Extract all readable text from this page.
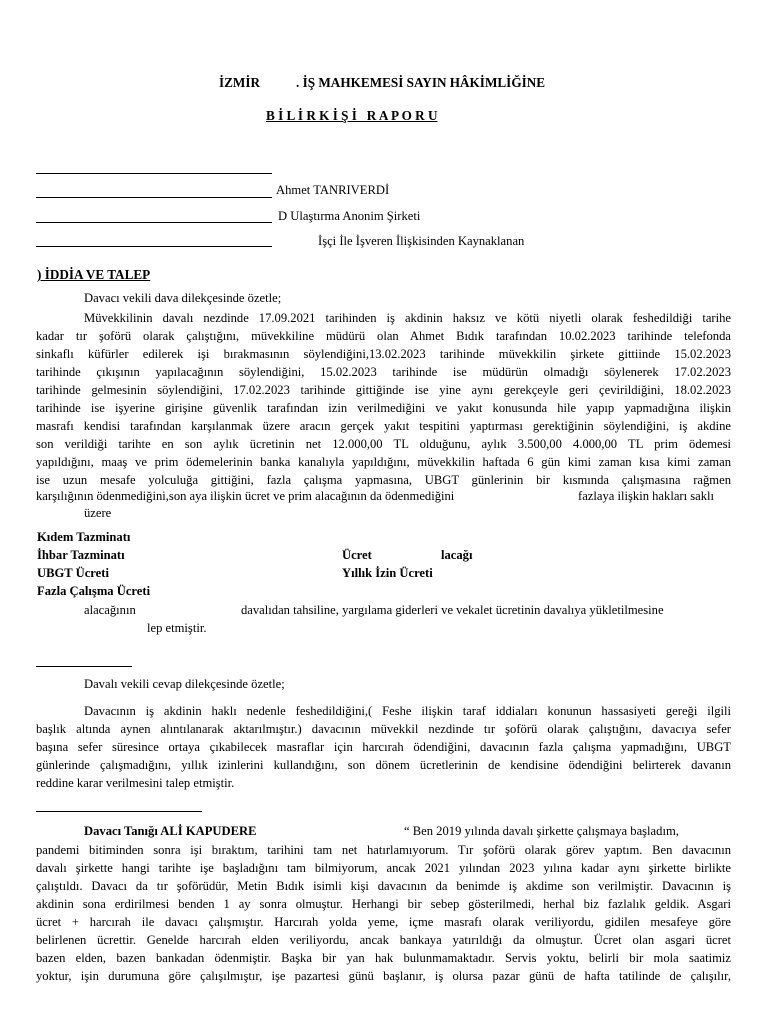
İZMİR	. İŞ MAHKEMESİ SAYIN HÂKİMLİĞİNE
B İ L İ R K İ Ş İ   R A P O R U
Ahmet TANRIVERDİ
D Ulaştırma Anonim Şirketi
İşçi İle İşveren İlişkisinden Kaynaklanan
) İDDİA VE TALEP
Davacı vekili dava dilekçesinde özetle;
Müvekkilinin davalı nezdinde 17.09.2021 tarihinden iş akdinin haksız ve kötü niyetli olarak feshedildiği tarihe
kadar tır şoförü olarak çalıştığını, müvekkiline müdürü olan Ahmet Bıdık tarafından 10.02.2023 tarihinde telefonda
sinkaflı küfürler edilerek işi bırakmasının söylendiğini,13.02.2023 tarihinde müvekkilin şirkete gittiinde 15.02.2023
tarihinde çıkışının yapılacağının söylendiğini, 15.02.2023 tarihinde ise müdürün olmadığı söylenerek 17.02.2023
tarihinde gelmesinin söylendiğini, 17.02.2023 tarihinde gittiğinde ise yine aynı gerekçeyle geri çevirildiğini, 18.02.2023
tarihinde ise işyerine girişine güvenlik tarafından izin verilmediğini ve yakıt konusunda hile yapıp yapmadığına ilişkin
masrafı kendisi tarafından karşılanmak üzere aracın gerçek yakıt tespitini yaptırması gerektiğinin söylendiğini, iş akdine
son verildiği tarihte en son aylık ücretinin net 12.000,00 TL olduğunu, aylık 3.500,00 4.000,00 TL prim ödemesi
yapıldığını, maaş ve prim ödemelerinin banka kanalıyla yapıldığını, müvekkilin haftada 6 gün kimi zaman kısa kimi zaman
ise uzun mesafe yolculuğa gittiğini, fazla çalışma yapmasına, UBGT günlerinin bir kısmında çalışmasına rağmen
karşılığının ödenmediğini,son aya ilişkin ücret ve prim alacağının da ödenmediğini	fazlaya ilişkin hakları saklı
üzere
Kıdem Tazminatı
İhbar Tazminatı	Ücret	lacağı
UBGT Ücreti	Yıllık İzin Ücreti
Fazla Çalışma Ücreti
alacağının	davalıdan tahsiline, yargılama giderleri ve vekalet ücretinin davalıya yükletilmesine
lep etmiştir.
Davalı vekili cevap dilekçesinde özetle;
Davacının iş akdinin haklı nedenle feshedildiğini,( Feshe ilişkin taraf iddiaları konunun hassasiyeti gereği ilgili
başlık altında aynen alıntılanarak aktarılmıştır.) davacının müvekkil nezdinde tır şoförü olarak çalıştığını, davacıya sefer
başına sefer süresince ortaya çıkabilecek masraflar için harcırah ödendiğini, davacının fazla çalışma yapmadığını, UBGT
günlerinde çalışmadığını, yıllık izinlerini kullandığını, son dönem ücretlerinin de kendisine ödendiğini belirterek davanın
reddine karar verilmesini talep etmiştir.
Davacı Tanığı ALİ KAPUDERE	“ Ben 2019 yılında davalı şirkette çalışmaya başladım,
pandemi bitiminden sonra işi bıraktım, tarihini tam net hatırlamıyorum. Tır şoförü olarak görev yaptım. Ben davacının
davalı şirkette hangi tarihte işe başladığını tam bilmiyorum, ancak 2021 yılından 2023 yılına kadar aynı şirkette birlikte
çalıştıldı. Davacı da tır şoförüdür, Metin Bıdık isimli kişi davacının da benimde iş akdime son verilmiştir. Davacının iş
akdinin sona erdirilmesi benden 1 ay sonra olmuştur. Herhangi bir sebep gösterilmedi, herhal biz fazlalık geldik. Asgari
ücret + harcırah ile davacı çalışmıştır. Harcırah yolda yeme, içme masrafı olarak veriliyordu, gidilen mesafeye göre
belirlenen ücrettir. Genelde harcırah elden veriliyordu, ancak bankaya yatırıldığı da olmuştur. Ücret olan asgari ücret
bazen elden, bazen bankadan ödenmiştir. Başka bir yan hak bulunmamaktadır. Servis yoktu, belirli bir mola saatimiz
yoktur, işin durumuna göre çalışılmıştır, işe pazartesi günü başlanır, iş olursa pazar günü de hafta tatilinde de çalışılır,
